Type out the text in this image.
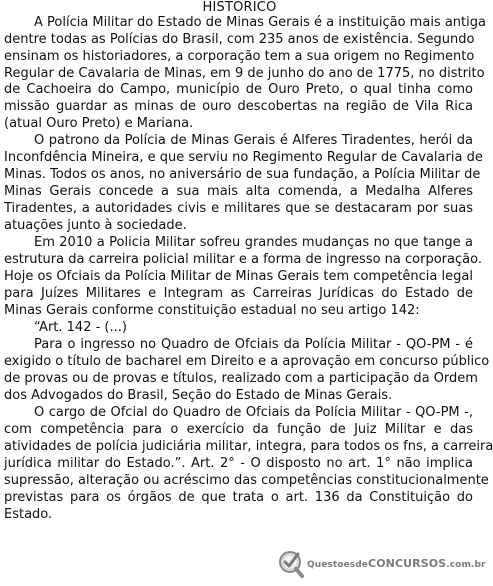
HISTÓRICO
A Polícia Militar do Estado de Minas Gerais é a instituição mais antiga
dentre todas as Polícias do Brasil, com 235 anos de existência. Segundo
ensinam os historiadores, a corporação tem a sua origem no Regimento
Regular de Cavalaria de Minas, em 9 de junho do ano de 1775, no distrito
de Cachoeira do Campo, município de Ouro Preto, o qual tinha como
missão guardar as minas de ouro descobertas na região de Vila Rica
(atual Ouro Preto) e Mariana.
O patrono da Polícia de Minas Gerais é Alferes Tiradentes, herói da
Inconfdência Mineira, e que serviu no Regimento Regular de Cavalaria de
Minas. Todos os anos, no aniversário de sua fundação, a Polícia Militar de
Minas Gerais concede a sua mais alta comenda, a Medalha Alferes
Tiradentes, a autoridades civis e militares que se destacaram por suas
atuações junto à sociedade.
Em 2010 a Policia Militar sofreu grandes mudanças no que tange a
estrutura da carreira policial militar e a forma de ingresso na corporação.
Hoje os Ofciais da Polícia Militar de Minas Gerais tem competência legal
para Juízes Militares e Integram as Carreiras Jurídicas do Estado de
Minas Gerais conforme constituição estadual no seu artigo 142:
“Art. 142 - (...)
Para o ingresso no Quadro de Ofciais da Polícia Militar - QO-PM - é
exigido o título de bacharel em Direito e a aprovação em concurso público
de provas ou de provas e títulos, realizado com a participação da Ordem
dos Advogados do Brasil, Seção do Estado de Minas Gerais.
O cargo de Ofcial do Quadro de Ofciais da Polícia Militar - QO-PM -,
com competência para o exercício da função de Juiz Militar e das
atividades de polícia judiciária militar, integra, para todos os fns, a carreira
jurídica militar do Estado.”. Art. 2° - O disposto no art. 1° não implica
supressão, alteração ou acréscimo das competências constitucionalmente
previstas para os órgãos de que trata o art. 136 da Constituição do
Estado.
QuestoesdeCONCURSOS.com.br
